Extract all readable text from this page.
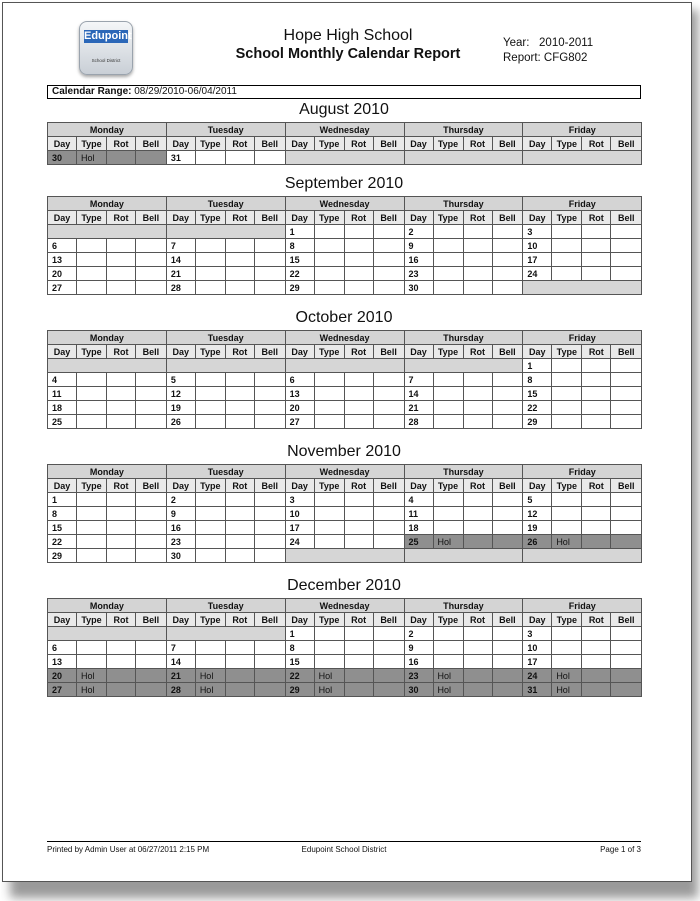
Edupoint
School District
Hope High School
School Monthly Calendar Report
Year: 2010-2011
Report: CFG802
Calendar Range: 08/29/2010-06/04/2011
August 2010
Monday				Tuesday				Wednesday				Thursday				Friday			
Day	Type	Rot	Bell	Day	Type	Rot	Bell	Day	Type	Rot	Bell	Day	Type	Rot	Bell	Day	Type	Rot	Bell
30	Hol			31															
September 2010
Monday				Tuesday				Wednesday				Thursday				Friday			
Day	Type	Rot	Bell	Day	Type	Rot	Bell	Day	Type	Rot	Bell	Day	Type	Rot	Bell	Day	Type	Rot	Bell
								1				2				3			
6				7				8				9				10			
13				14				15				16				17			
20				21				22				23				24			
27				28				29				30							
October 2010
Monday				Tuesday				Wednesday				Thursday				Friday			
Day	Type	Rot	Bell	Day	Type	Rot	Bell	Day	Type	Rot	Bell	Day	Type	Rot	Bell	Day	Type	Rot	Bell
																1			
4				5				6				7				8			
11				12				13				14				15			
18				19				20				21				22			
25				26				27				28				29			
November 2010
Monday				Tuesday				Wednesday				Thursday				Friday			
Day	Type	Rot	Bell	Day	Type	Rot	Bell	Day	Type	Rot	Bell	Day	Type	Rot	Bell	Day	Type	Rot	Bell
1				2				3				4				5			
8				9				10				11				12			
15				16				17				18				19			
22				23				24				25	Hol			26	Hol		
29				30															
December 2010
Monday				Tuesday				Wednesday				Thursday				Friday			
Day	Type	Rot	Bell	Day	Type	Rot	Bell	Day	Type	Rot	Bell	Day	Type	Rot	Bell	Day	Type	Rot	Bell
								1				2				3			
6				7				8				9				10			
13				14				15				16				17			
20	Hol			21	Hol			22	Hol			23	Hol			24	Hol		
27	Hol			28	Hol			29	Hol			30	Hol			31	Hol		
Printed by Admin User at 06/27/2011 2:15 PM	Edupoint School District	Page 1 of 3
